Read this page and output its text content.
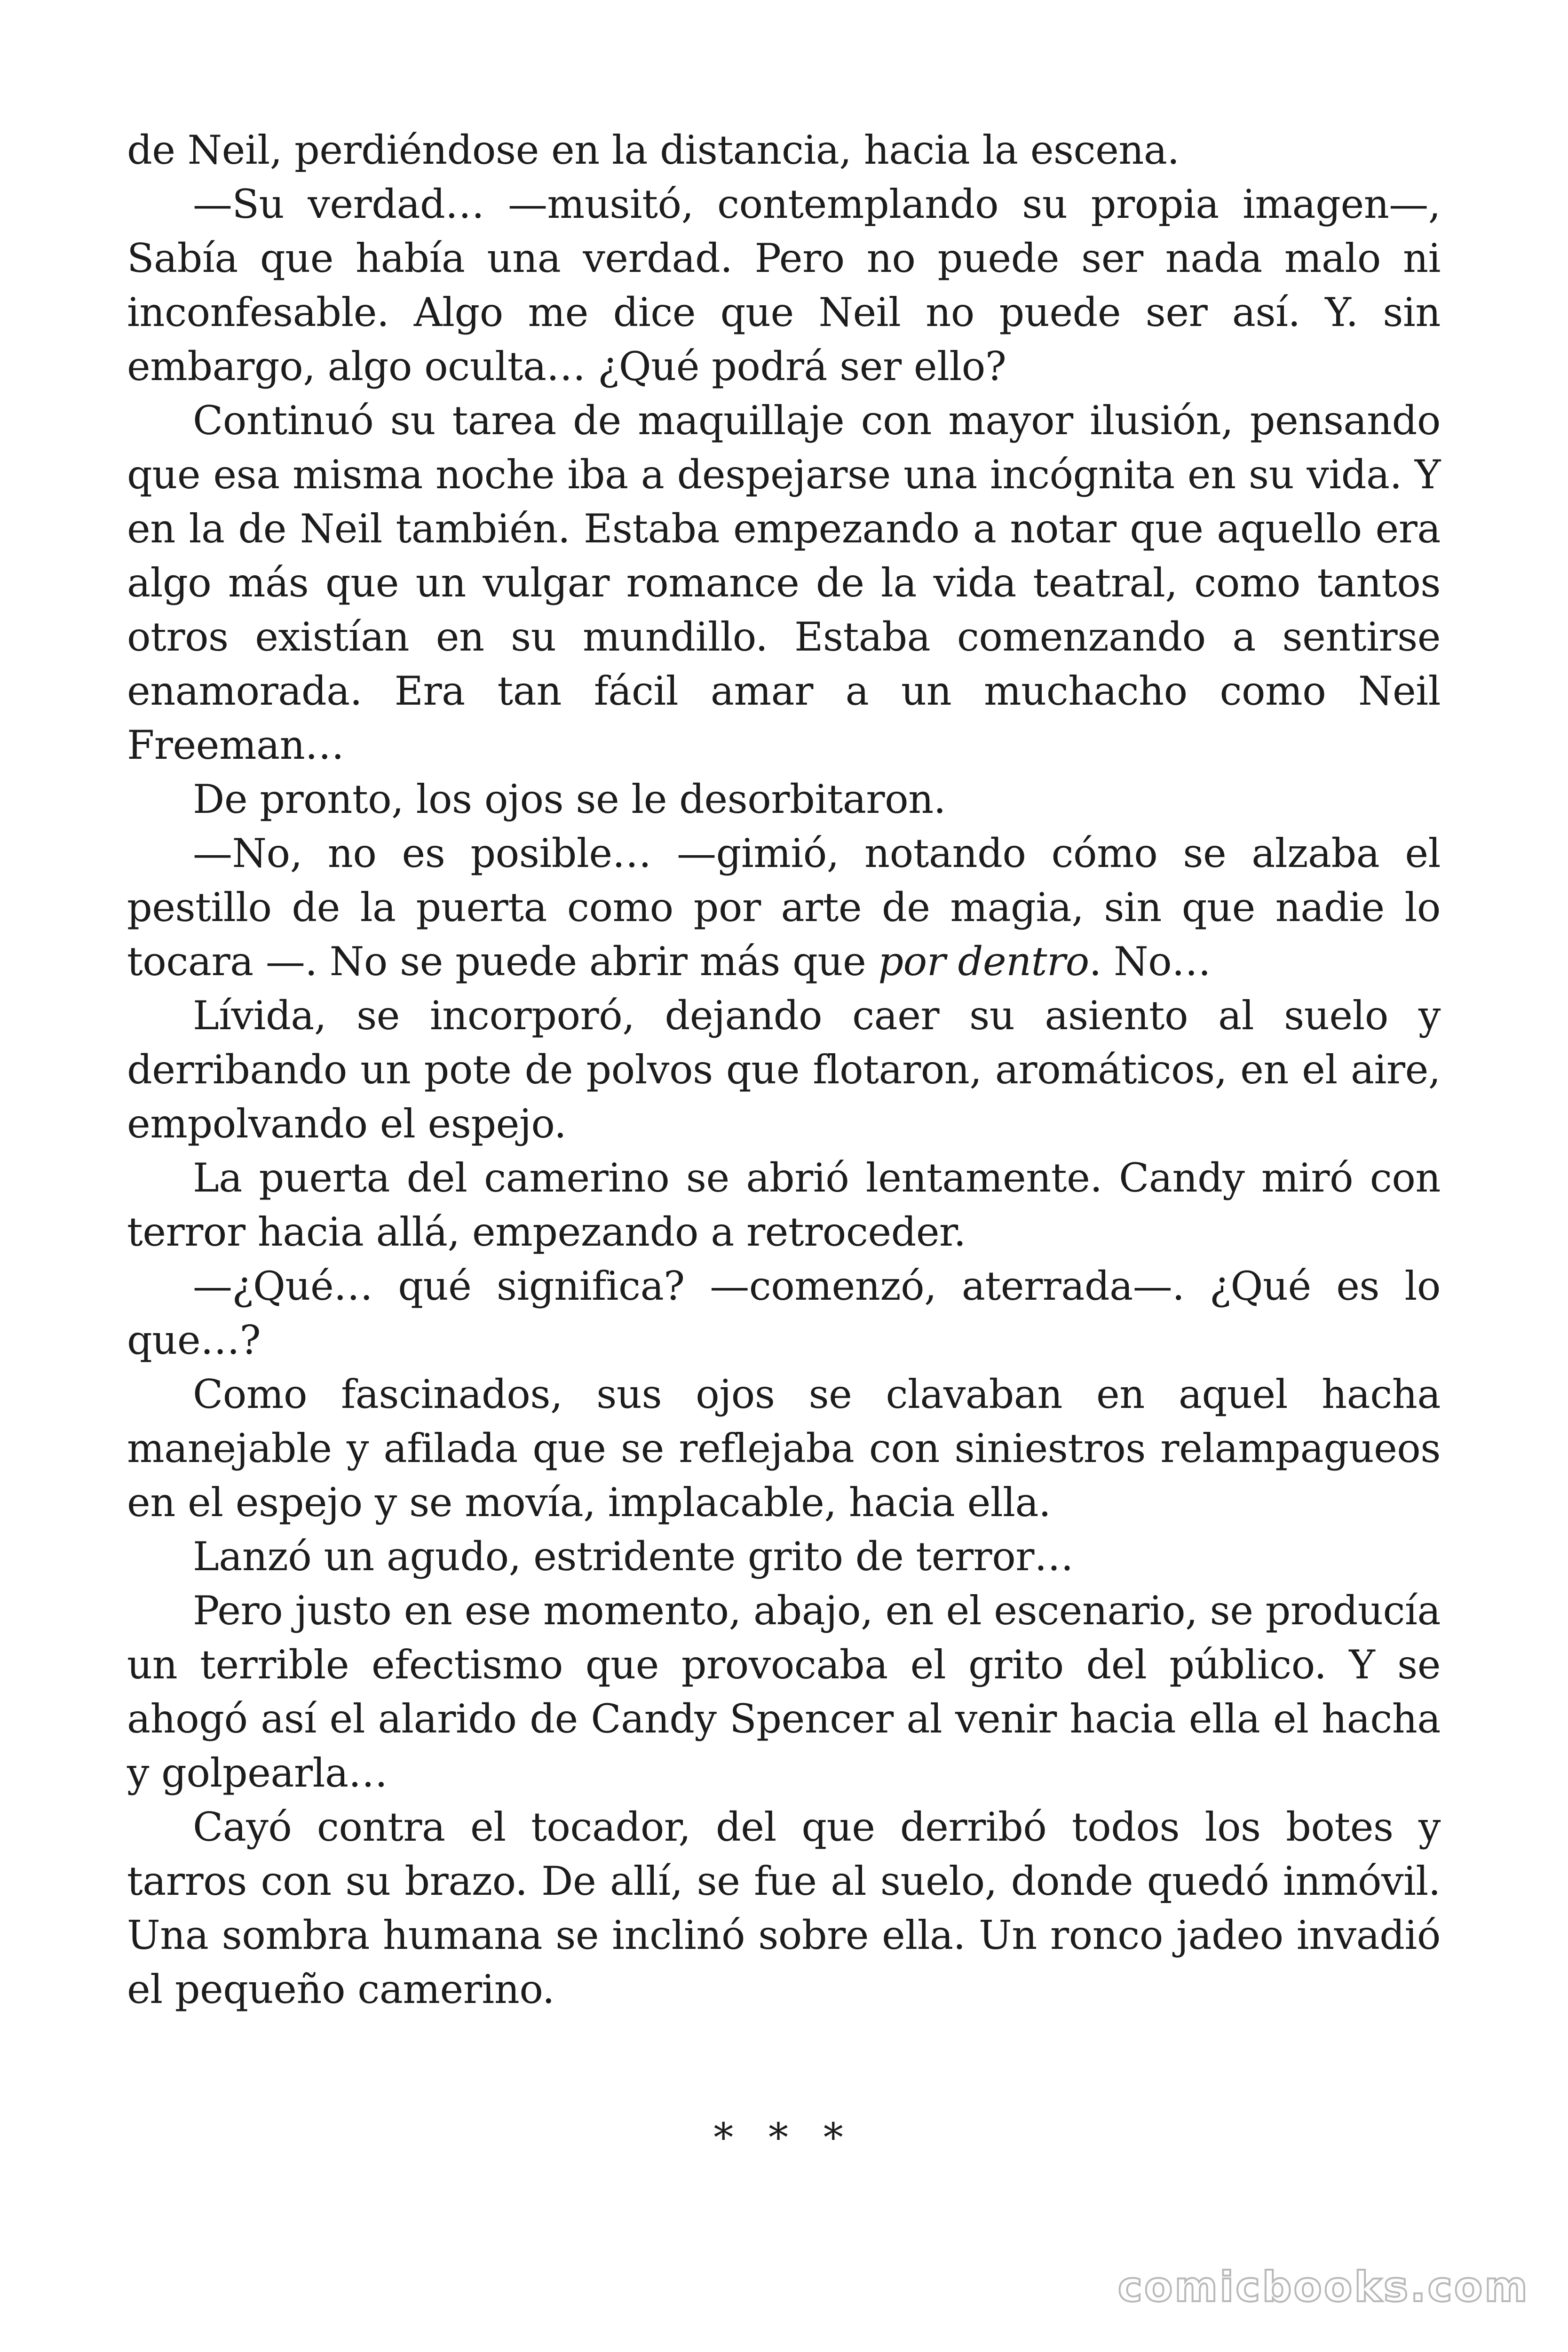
de Neil, perdiéndose en la distancia, hacia la escena.

—Su verdad… —musitó, contemplando su propia imagen—, Sabía que había una verdad. Pero no puede ser nada malo ni inconfesable. Algo me dice que Neil no puede ser así. Y. sin embargo, algo oculta… ¿Qué podrá ser ello?

Continuó su tarea de maquillaje con mayor ilusión, pensando que esa misma noche iba a despejarse una incógnita en su vida. Y en la de Neil también. Estaba empezando a notar que aquello era algo más que un vulgar romance de la vida teatral, como tantos otros existían en su mundillo. Estaba comenzando a sentirse enamorada. Era tan fácil amar a un muchacho como Neil Freeman…

De pronto, los ojos se le desorbitaron.

—No, no es posible… —gimió, notando cómo se alzaba el pestillo de la puerta como por arte de magia, sin que nadie lo tocara —. No se puede abrir más que por dentro. No…

Lívida, se incorporó, dejando caer su asiento al suelo y derribando un pote de polvos que flotaron, aromáticos, en el aire, empolvando el espejo.

La puerta del camerino se abrió lentamente. Candy miró con terror hacia allá, empezando a retroceder.

—¿Qué… qué significa? —comenzó, aterrada—. ¿Qué es lo que…?

Como fascinados, sus ojos se clavaban en aquel hacha manejable y afilada que se reflejaba con siniestros relampagueos en el espejo y se movía, implacable, hacia ella.

Lanzó un agudo, estridente grito de terror…

Pero justo en ese momento, abajo, en el escenario, se producía un terrible efectismo que provocaba el grito del público. Y se ahogó así el alarido de Candy Spencer al venir hacia ella el hacha y golpearla…

Cayó contra el tocador, del que derribó todos los botes y tarros con su brazo. De allí, se fue al suelo, donde quedó inmóvil. Una sombra humana se inclinó sobre ella. Un ronco jadeo invadió el pequeño camerino.

* * *
comicbooks.com
